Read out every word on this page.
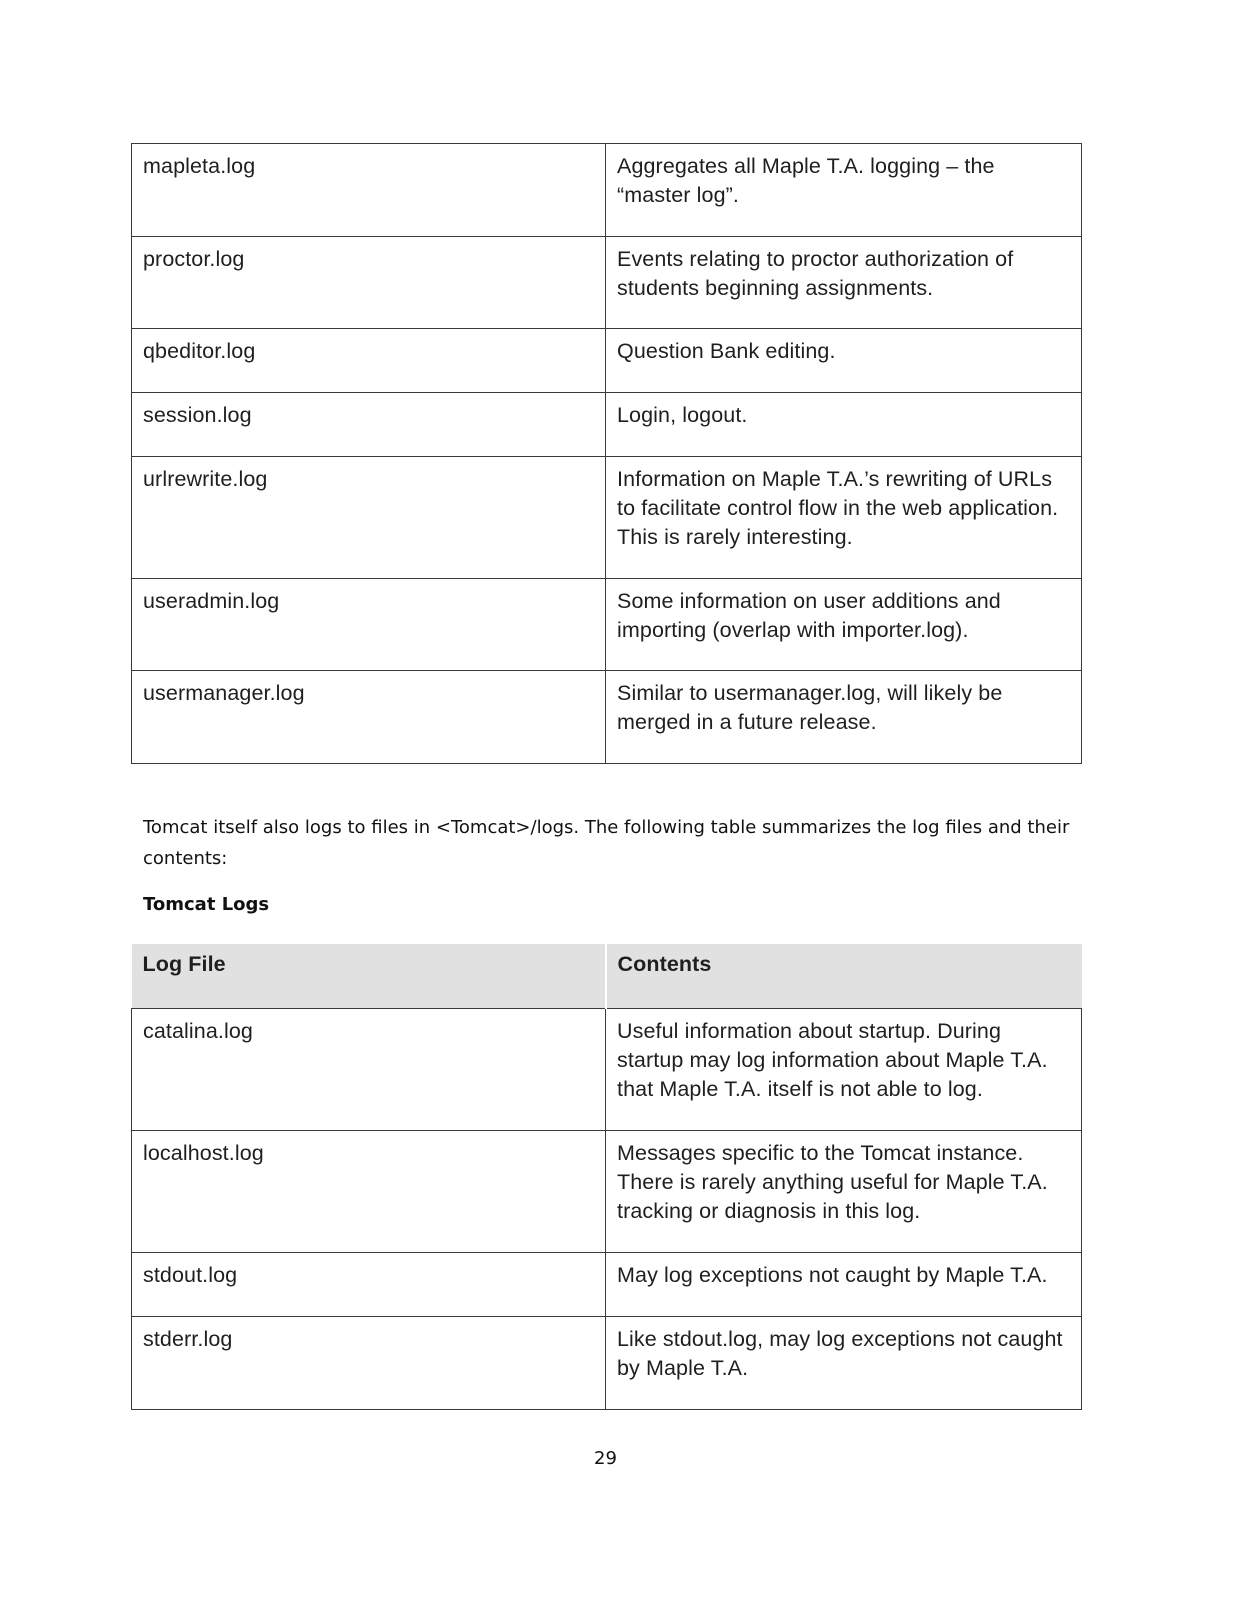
mapleta.log	Aggregates all Maple T.A. logging – the “master log”.
proctor.log	Events relating to proctor authorization of students beginning assignments.
qbeditor.log	Question Bank editing.
session.log	Login, logout.
urlrewrite.log	Information on Maple T.A.’s rewriting of URLs to facilitate control flow in the web application. This is rarely interesting.
useradmin.log	Some information on user additions and importing (overlap with importer.log).
usermanager.log	Similar to usermanager.log, will likely be merged in a future release.
Tomcat itself also logs to files in <Tomcat>/logs. The following table summarizes the log files and their contents:
Tomcat Logs
Log File	Contents
catalina.log	Useful information about startup. During startup may log information about Maple T.A. that Maple T.A. itself is not able to log.
localhost.log	Messages specific to the Tomcat instance. There is rarely anything useful for Maple T.A. tracking or diagnosis in this log.
stdout.log	May log exceptions not caught by Maple T.A.
stderr.log	Like stdout.log, may log exceptions not caught by Maple T.A.
29
